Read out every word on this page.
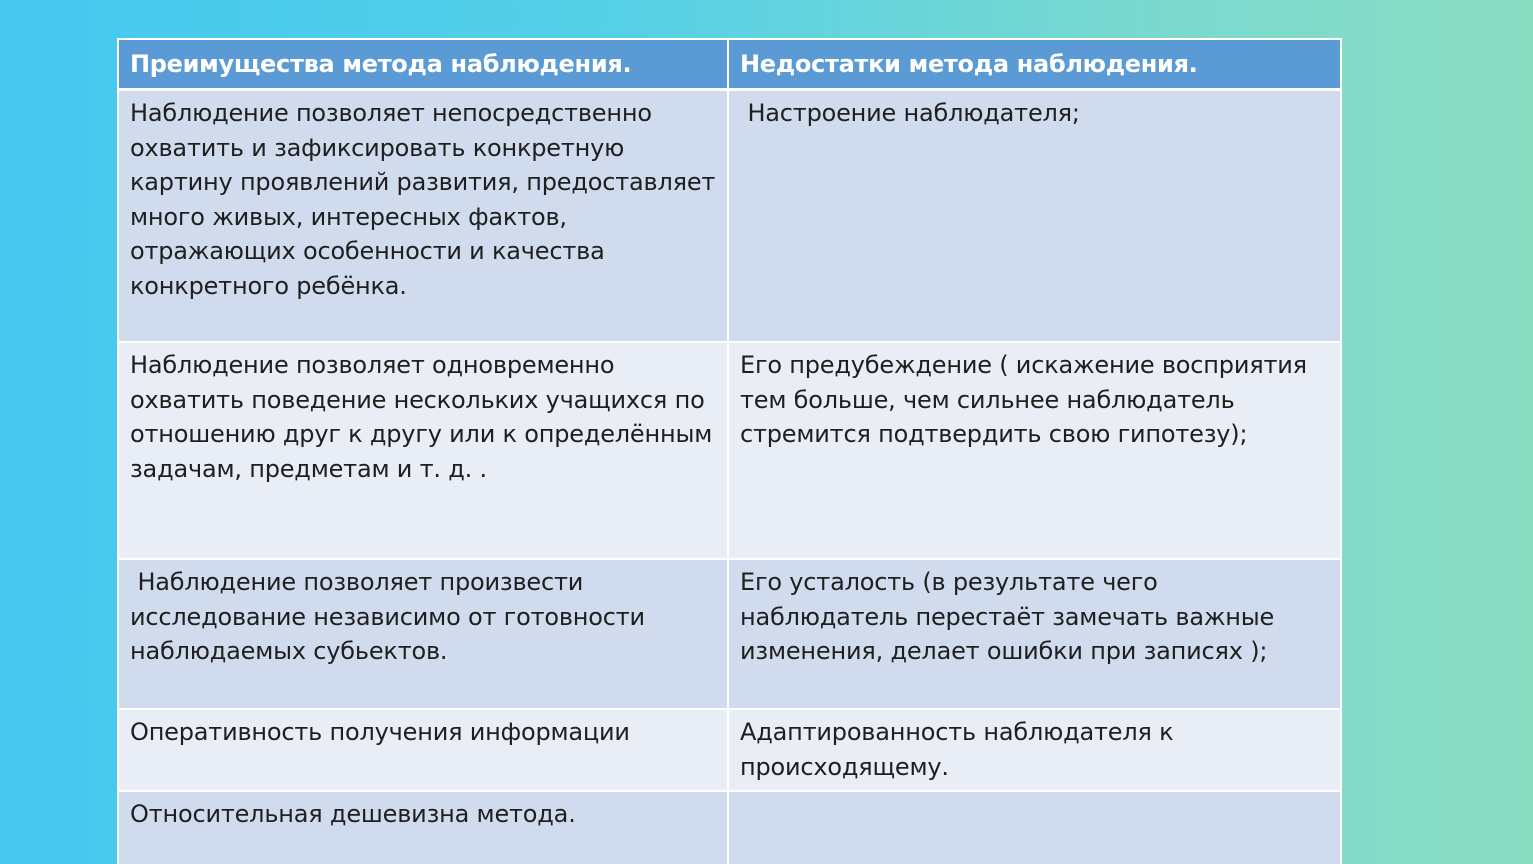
Преимущества метода наблюдения.	Недостатки метода наблюдения.
Наблюдение позволяет непосредственно охватить и зафиксировать конкретную картину проявлений развития, предоставляет много живых, интересных фактов, отражающих особенности и качества конкретного ребёнка.	Настроение наблюдателя;
Наблюдение позволяет одновременно охватить поведение нескольких учащихся по отношению друг к другу или к определённым задачам, предметам и т. д. .	Его предубеждение ( искажение восприятия тем больше, чем сильнее наблюдатель стремится подтвердить свою гипотезу);
Наблюдение позволяет произвести исследование независимо от готовности наблюдаемых субьектов.	Его усталость (в результате чего наблюдатель перестаёт замечать важные изменения, делает ошибки при записях );
Оперативность получения информации	Адаптированность наблюдателя к происходящему.
Относительная дешевизна метода.	
